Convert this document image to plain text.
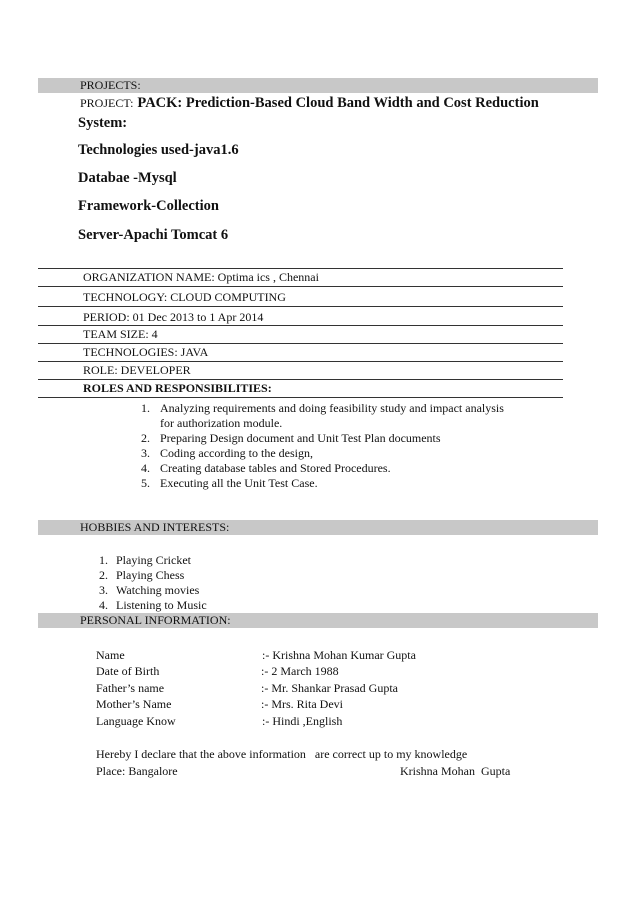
PROJECTS:
PROJECT: PACK: Prediction-Based Cloud Band Width and Cost Reduction
System:
Technologies used-java1.6
Databae -Mysql
Framework-Collection
Server-Apachi Tomcat 6
ORGANIZATION NAME: Optima ics , Chennai
TECHNOLOGY: CLOUD COMPUTING
PERIOD: 01 Dec 2013 to 1 Apr 2014
TEAM SIZE: 4
TECHNOLOGIES: JAVA
ROLE: DEVELOPER
ROLES AND RESPONSIBILITIES:
1. Analyzing requirements and doing feasibility study and impact analysis
for authorization module.
2. Preparing Design document and Unit Test Plan documents
3. Coding according to the design,
4. Creating database tables and Stored Procedures.
5. Executing all the Unit Test Case.
HOBBIES AND INTERESTS:
1. Playing Cricket
2. Playing Chess
3. Watching movies
4. Listening to Music
PERSONAL INFORMATION:
Name	:- Krishna Mohan Kumar Gupta
Date of Birth	:- 2 March 1988
Father’s name	:- Mr. Shankar Prasad Gupta
Mother’s Name	:- Mrs. Rita Devi
Language Know	:- Hindi ,English
Hereby I declare that the above information   are correct up to my knowledge
Place: Bangalore	Krishna Mohan  Gupta
